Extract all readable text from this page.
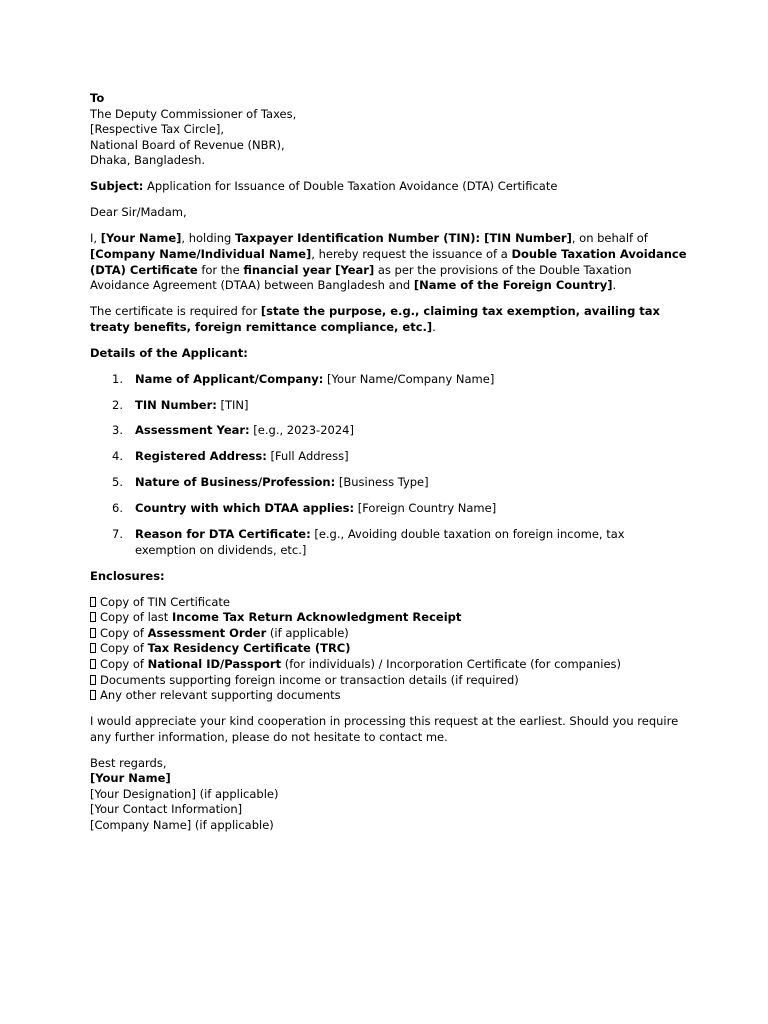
To
The Deputy Commissioner of Taxes,
[Respective Tax Circle],
National Board of Revenue (NBR),
Dhaka, Bangladesh.
Subject: Application for Issuance of Double Taxation Avoidance (DTA) Certificate
Dear Sir/Madam,
I, [Your Name], holding Taxpayer Identification Number (TIN): [TIN Number], on behalf of
[Company Name/Individual Name], hereby request the issuance of a Double Taxation Avoidance
(DTA) Certificate for the financial year [Year] as per the provisions of the Double Taxation
Avoidance Agreement (DTAA) between Bangladesh and [Name of the Foreign Country].
The certificate is required for [state the purpose, e.g., claiming tax exemption, availing tax
treaty benefits, foreign remittance compliance, etc.].
Details of the Applicant:
1. Name of Applicant/Company: [Your Name/Company Name]
2. TIN Number: [TIN]
3. Assessment Year: [e.g., 2023-2024]
4. Registered Address: [Full Address]
5. Nature of Business/Profession: [Business Type]
6. Country with which DTAA applies: [Foreign Country Name]
7. Reason for DTA Certificate: [e.g., Avoiding double taxation on foreign income, tax exemption on dividends, etc.]
Enclosures:
Copy of TIN Certificate
Copy of last Income Tax Return Acknowledgment Receipt
Copy of Assessment Order (if applicable)
Copy of Tax Residency Certificate (TRC)
Copy of National ID/Passport (for individuals) / Incorporation Certificate (for companies)
Documents supporting foreign income or transaction details (if required)
Any other relevant supporting documents
I would appreciate your kind cooperation in processing this request at the earliest. Should you require
any further information, please do not hesitate to contact me.
Best regards,
[Your Name]
[Your Designation] (if applicable)
[Your Contact Information]
[Company Name] (if applicable)
